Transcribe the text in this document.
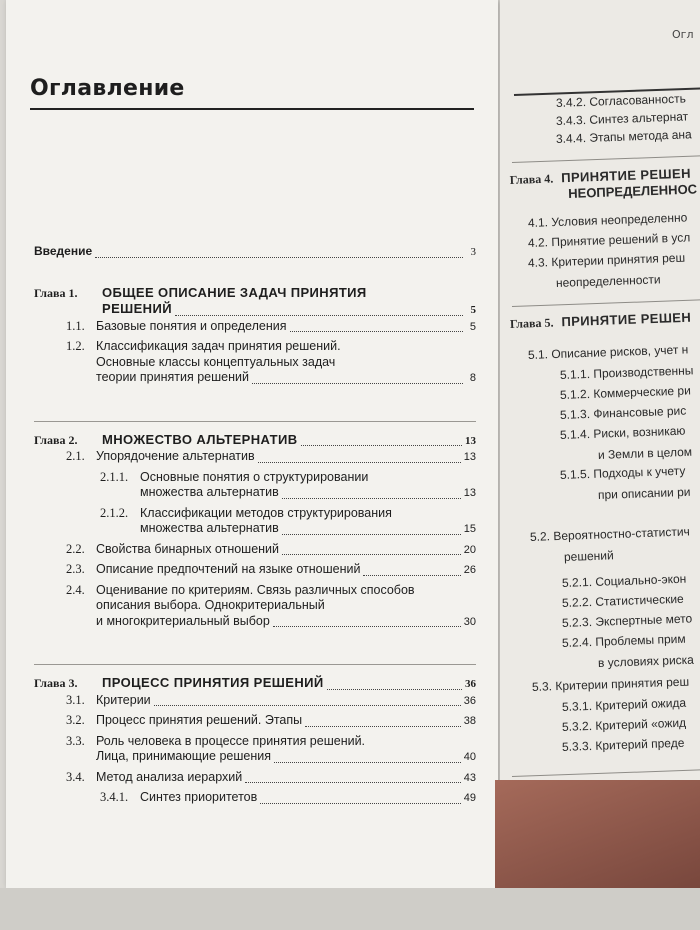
Оглавление
Введение	3
Глава 1.	ОБЩЕЕ ОПИСАНИЕ ЗАДАЧ ПРИНЯТИЯ
РЕШЕНИЙ	5
1.1. Базовые понятия и определения	5
1.2. Классификация задач принятия решений.
Основные классы концептуальных задач
теории принятия решений	8
Глава 2.	МНОЖЕСТВО АЛЬТЕРНАТИВ	13
2.1. Упорядочение альтернатив	13
2.1.1. Основные понятия о структурировании
множества альтернатив	13
2.1.2. Классификации методов структурирования
множества альтернатив	15
2.2. Свойства бинарных отношений	20
2.3. Описание предпочтений на языке отношений	26
2.4. Оценивание по критериям. Связь различных способов
описания выбора. Однокритериальный
и многокритериальный выбор	30
Глава 3.	ПРОЦЕСС ПРИНЯТИЯ РЕШЕНИЙ	36
3.1. Критерии	36
3.2. Процесс принятия решений. Этапы	38
3.3. Роль человека в процессе принятия решений.
Лица, принимающие решения	40
3.4. Метод анализа иерархий	43
3.4.1. Синтез приоритетов	49
Огл
3.4.2. Согласованность
3.4.3. Синтез альтернат
3.4.4. Этапы метода ана
Глава 4. ПРИНЯТИЕ РЕШЕН
НЕОПРЕДЕЛЕННОС
4.1. Условия неопределенно
4.2. Принятие решений в усл
4.3. Критерии принятия реш
неопределенности
Глава 5. ПРИНЯТИЕ РЕШЕН
5.1. Описание рисков, учет н
5.1.1. Производственны
5.1.2. Коммерческие ри
5.1.3. Финансовые рис
5.1.4. Риски, возникаю
и Земли в целом
5.1.5. Подходы к учету
при описании ри
5.2. Вероятностно-статистич
решений
5.2.1. Социально-экон
5.2.2. Статистические
5.2.3. Экспертные мето
5.2.4. Проблемы прим
в условиях риска
5.3. Критерии принятия реш
5.3.1. Критерий ожида
5.3.2. Критерий «ожид
5.3.3. Критерий преде
